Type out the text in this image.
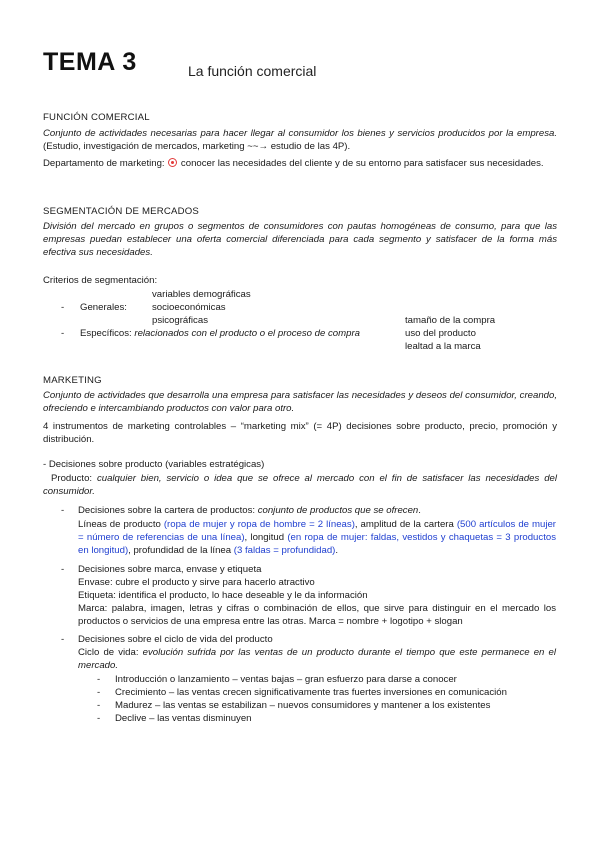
TEMA 3	La función comercial
FUNCIÓN COMERCIAL
Conjunto de actividades necesarias para hacer llegar al consumidor los bienes y servicios producidos por la empresa. (Estudio, investigación de mercados, marketing ~~→ estudio de las 4P).
Departamento de marketing:  conocer las necesidades del cliente y de su entorno para satisfacer sus necesidades.
SEGMENTACIÓN DE MERCADOS
División del mercado en grupos o segmentos de consumidores con pautas homogéneas de consumo, para que las empresas puedan establecer una oferta comercial diferenciada para cada segmento y satisfacer de la forma más efectiva sus necesidades.
Criterios de segmentación:
variables demográficas
- Generales:	socioeconómicas
psicográficas	tamaño de la compra
- Específicos: relacionados con el producto o el proceso de compra	uso del producto
lealtad a la marca
MARKETING
Conjunto de actividades que desarrolla una empresa para satisfacer las necesidades y deseos del consumidor, creando, ofreciendo e intercambiando productos con valor para otro.
4 instrumentos de marketing controlables – “marketing mix” (= 4P) decisiones sobre producto, precio, promoción y distribución.
- Decisiones sobre producto (variables estratégicas)
Producto: cualquier bien, servicio o idea que se ofrece al mercado con el fin de satisfacer las necesidades del consumidor.
- Decisiones sobre la cartera de productos: conjunto de productos que se ofrecen.
Líneas de producto (ropa de mujer y ropa de hombre = 2 líneas), amplitud de la cartera (500 artículos de mujer = número de referencias de una línea), longitud (en ropa de mujer: faldas, vestidos y chaquetas = 3 productos en longitud), profundidad de la línea (3 faldas = profundidad).
- Decisiones sobre marca, envase y etiqueta
Envase: cubre el producto y sirve para hacerlo atractivo
Etiqueta: identifica el producto, lo hace deseable y le da información
Marca: palabra, imagen, letras y cifras o combinación de ellos, que sirve para distinguir en el mercado los productos o servicios de una empresa entre las otras. Marca = nombre + logotipo + slogan
- Decisiones sobre el ciclo de vida del producto
Ciclo de vida: evolución sufrida por las ventas de un producto durante el tiempo que este permanece en el mercado.
- Introducción o lanzamiento – ventas bajas – gran esfuerzo para darse a conocer
- Crecimiento – las ventas crecen significativamente tras fuertes inversiones en comunicación
- Madurez – las ventas se estabilizan – nuevos consumidores y mantener a los existentes
- Declive – las ventas disminuyen
